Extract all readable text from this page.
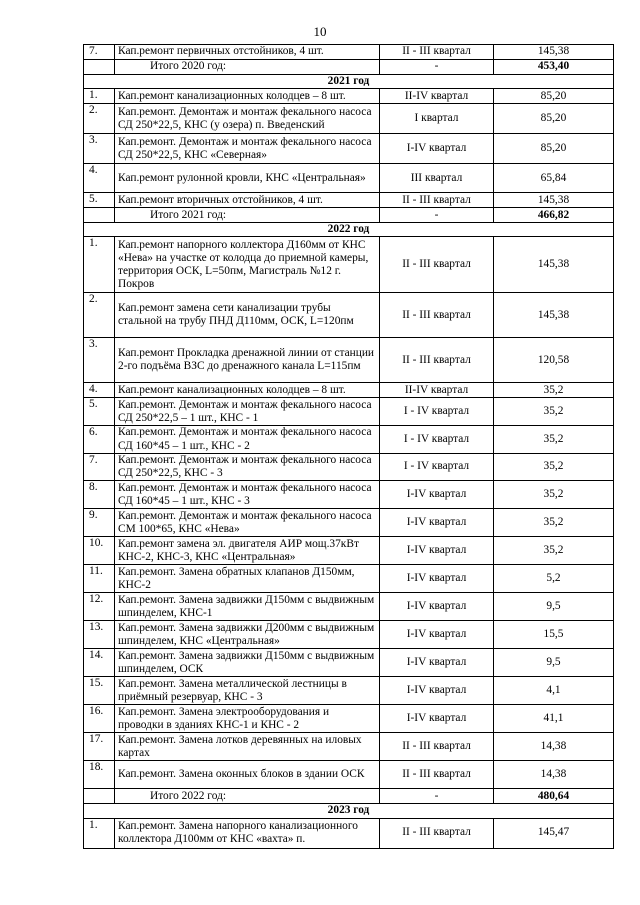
10
7.	Кап.ремонт первичных отстойников, 4 шт.	II - III квартал	145,38
	Итого 2020 год:	-	453,40
2021 год			
1.	Кап.ремонт канализационных колодцев – 8 шт.	II-IV квартал	85,20
2.	Кап.ремонт. Демонтаж и монтаж фекального насоса СД 250*22,5, КНС (у озера) п. Введенский	I квартал	85,20
3.	Кап.ремонт. Демонтаж и монтаж фекального насоса СД 250*22,5, КНС «Северная»	I-IV квартал	85,20
4.	Кап.ремонт рулонной кровли, КНС «Центральная»	III квартал	65,84
5.	Кап.ремонт вторичных отстойников, 4 шт.	II - III квартал	145,38
	Итого 2021 год:	-	466,82
2022 год			
1.	Кап.ремонт напорного коллектора Д160мм от КНС «Нева» на участке от колодца до приемной камеры, территория ОСК, L=50пм, Магистраль №12 г. Покров	II - III квартал	145,38
2.	Кап.ремонт замена сети канализации трубы стальной на трубу ПНД Д110мм, ОСК, L=120пм	II - III квартал	145,38
3.	Кап.ремонт Прокладка дренажной линии от станции 2-го подъёма ВЗС до дренажного канала L=115пм	II - III квартал	120,58
4.	Кап.ремонт канализационных колодцев – 8 шт.	II-IV квартал	35,2
5.	Кап.ремонт. Демонтаж и монтаж фекального насоса СД 250*22,5 – 1 шт., КНС - 1	I - IV квартал	35,2
6.	Кап.ремонт. Демонтаж и монтаж фекального насоса СД 160*45 – 1 шт., КНС - 2	I - IV квартал	35,2
7.	Кап.ремонт. Демонтаж и монтаж фекального насоса СД 250*22,5, КНС - 3	I - IV квартал	35,2
8.	Кап.ремонт. Демонтаж и монтаж фекального насоса СД 160*45 – 1 шт., КНС - 3	I-IV квартал	35,2
9.	Кап.ремонт. Демонтаж и монтаж фекального насоса СМ 100*65, КНС «Нева»	I-IV квартал	35,2
10.	Кап.ремонт замена эл. двигателя АИР мощ.37кВт КНС-2, КНС-3, КНС «Центральная»	I-IV квартал	35,2
11.	Кап.ремонт. Замена обратных клапанов Д150мм, КНС-2	I-IV квартал	5,2
12.	Кап.ремонт. Замена задвижки Д150мм с выдвижным шпинделем, КНС-1	I-IV квартал	9,5
13.	Кап.ремонт. Замена задвижки Д200мм с выдвижным шпинделем, КНС «Центральная»	I-IV квартал	15,5
14.	Кап.ремонт. Замена задвижки Д150мм с выдвижным шпинделем, ОСК	I-IV квартал	9,5
15.	Кап.ремонт. Замена металлической лестницы в приёмный резервуар, КНС - 3	I-IV квартал	4,1
16.	Кап.ремонт. Замена электрооборудования и проводки в зданиях КНС-1 и КНС - 2	I-IV квартал	41,1
17.	Кап.ремонт. Замена лотков деревянных на иловых картах	II - III квартал	14,38
18.	Кап.ремонт. Замена оконных блоков в здании ОСК	II - III квартал	14,38
	Итого 2022 год:	-	480,64
2023 год			
1.	Кап.ремонт. Замена напорного канализационного коллектора Д100мм от КНС «вахта» п.	II - III квартал	145,47
